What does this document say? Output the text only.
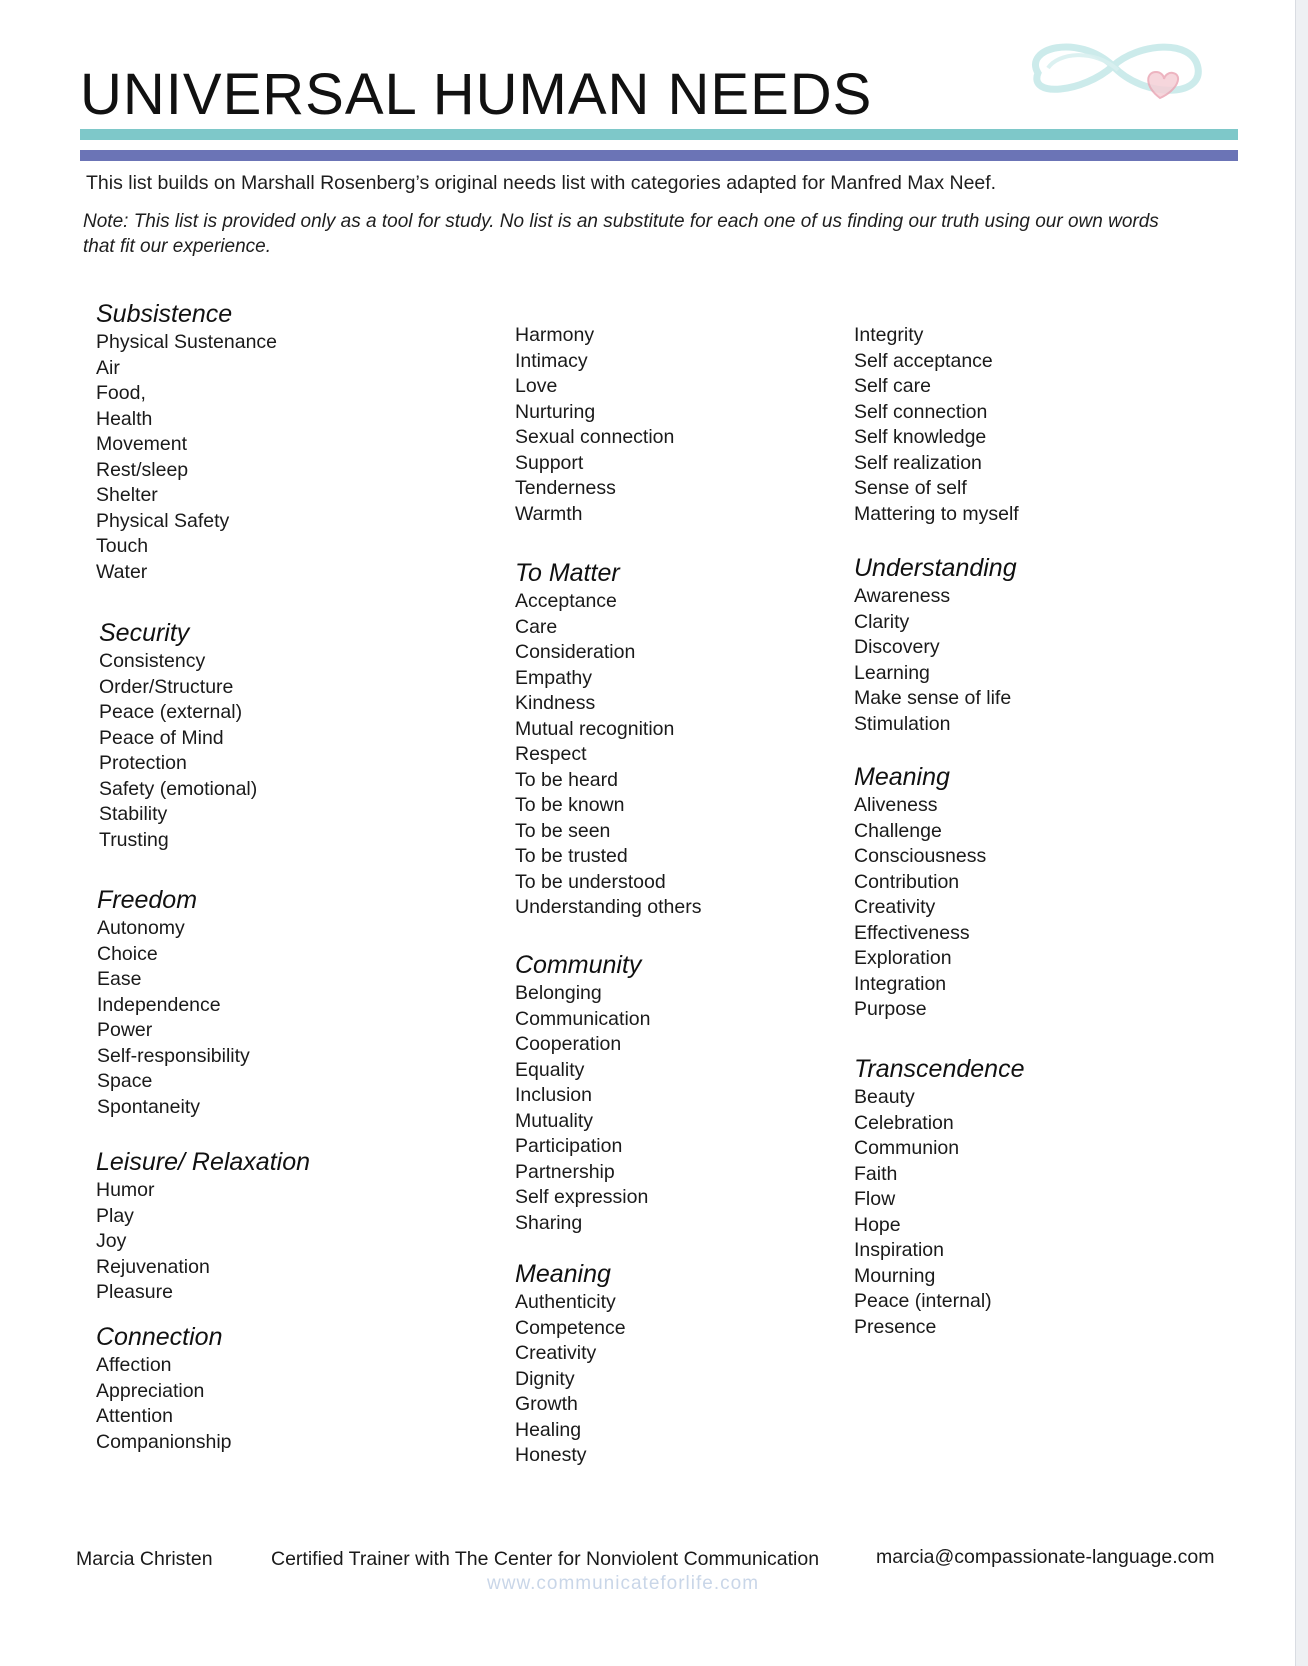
UNIVERSAL HUMAN NEEDS

This list builds on Marshall Rosenberg’s original needs list with categories adapted for Manfred Max Neef.

Note: This list is provided only as a tool for study. No list is an substitute for each one of us finding our truth using our own words that fit our experience.

Subsistence
Physical Sustenance
Air
Food,
Health
Movement
Rest/sleep
Shelter
Physical Safety
Touch
Water
Security
Consistency
Order/Structure
Peace (external)
Peace of Mind
Protection
Safety (emotional)
Stability
Trusting
Freedom
Autonomy
Choice
Ease
Independence
Power
Self-responsibility
Space
Spontaneity
Leisure/ Relaxation
Humor
Play
Joy
Rejuvenation
Pleasure
Connection
Affection
Appreciation
Attention
Companionship
Harmony
Intimacy
Love
Nurturing
Sexual connection
Support
Tenderness
Warmth
To Matter
Acceptance
Care
Consideration
Empathy
Kindness
Mutual recognition
Respect
To be heard
To be known
To be seen
To be trusted
To be understood
Understanding others
Community
Belonging
Communication
Cooperation
Equality
Inclusion
Mutuality
Participation
Partnership
Self expression
Sharing
Meaning
Authenticity
Competence
Creativity
Dignity
Growth
Healing
Honesty
Integrity
Self acceptance
Self care
Self connection
Self knowledge
Self realization
Sense of self
Mattering to myself
Understanding
Awareness
Clarity
Discovery
Learning
Make sense of life
Stimulation
Meaning
Aliveness
Challenge
Consciousness
Contribution
Creativity
Effectiveness
Exploration
Integration
Purpose
Transcendence
Beauty
Celebration
Communion
Faith
Flow
Hope
Inspiration
Mourning
Peace (internal)
Presence
Marcia Christen	Certified Trainer with The Center for Nonviolent Communication	marcia@compassionate-language.com
www.communicateforlife.com
